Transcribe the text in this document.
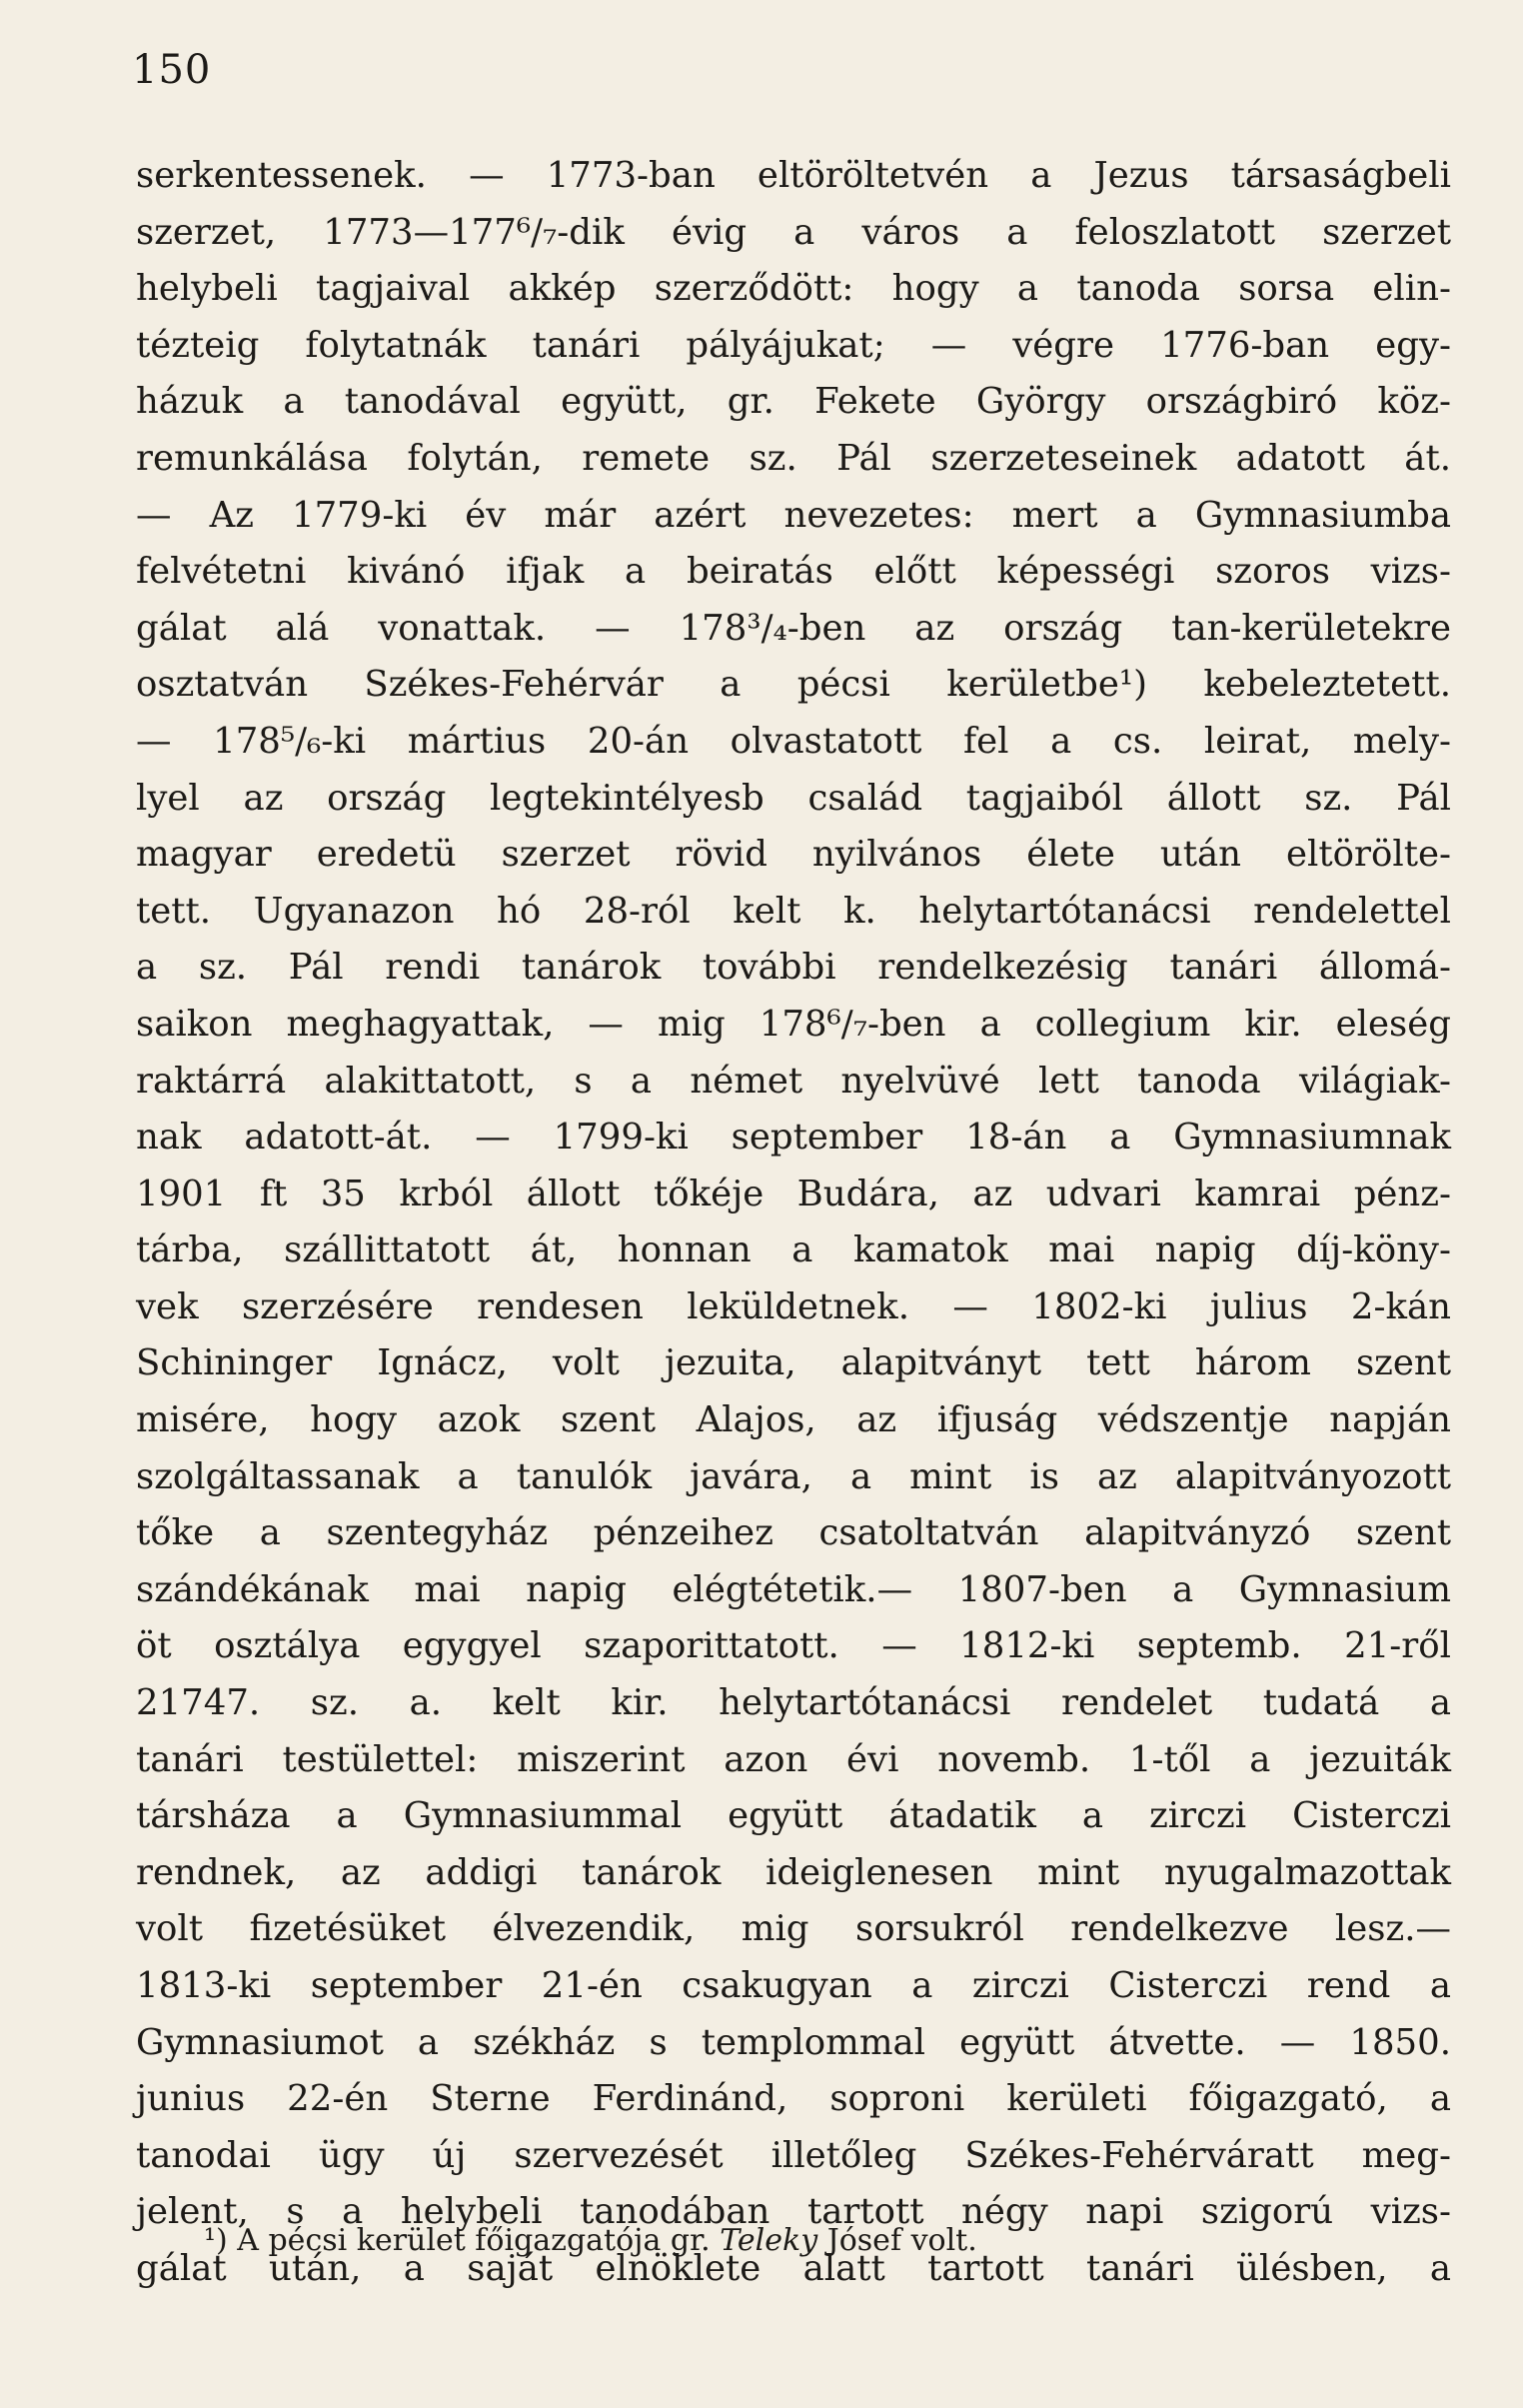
150
serkentessenek. — 1773-ban eltöröltetvén a Jezus társaságbeli
szerzet, 1773—177⁶/₇-dik évig a város a feloszlatott szerzet
helybeli tagjaival akkép szerződött: hogy a tanoda sorsa elin-
tézteig folytatnák tanári pályájukat; — végre 1776-ban egy-
házuk a tanodával együtt, gr. Fekete György országbiró köz-
remunkálása folytán, remete sz. Pál szerzeteseinek adatott át.
— Az 1779-ki év már azért nevezetes: mert a Gymnasiumba
felvétetni kivánó ifjak a beiratás előtt képességi szoros vizs-
gálat alá vonattak. — 178³/₄-ben az ország tan-kerületekre
osztatván Székes-Fehérvár a pécsi kerületbe¹) kebeleztetett.
— 178⁵/₆-ki mártius 20-án olvastatott fel a cs. leirat, mely-
lyel az ország legtekintélyesb család tagjaiból állott sz. Pál
magyar eredetü szerzet rövid nyilvános élete után eltörölte-
tett. Ugyanazon hó 28-ról kelt k. helytartótanácsi rendelettel
a sz. Pál rendi tanárok további rendelkezésig tanári állomá-
saikon meghagyattak, — mig 178⁶/₇-ben a collegium kir. eleség
raktárrá alakittatott, s a német nyelvüvé lett tanoda világiak-
nak adatott-át. — 1799-ki september 18-án a Gymnasiumnak
1901 ft 35 krból állott tőkéje Budára, az udvari kamrai pénz-
tárba, szállittatott át, honnan a kamatok mai napig díj-köny-
vek szerzésére rendesen leküldetnek. — 1802-ki julius 2-kán
Schininger Ignácz, volt jezuita, alapitványt tett három szent
misére, hogy azok szent Alajos, az ifjuság védszentje napján
szolgáltassanak a tanulók javára, a mint is az alapitványozott
tőke a szentegyház pénzeihez csatoltatván alapitványzó szent
szándékának mai napig elégtétetik.— 1807-ben a Gymnasium
öt osztálya egygyel szaporittatott. — 1812-ki septemb. 21-ről
21747. sz. a. kelt kir. helytartótanácsi rendelet tudatá a
tanári testülettel: miszerint azon évi novemb. 1-től a jezuiták
társháza a Gymnasiummal együtt átadatik a zirczi Cisterczi
rendnek, az addigi tanárok ideiglenesen mint nyugalmazottak
volt fizetésüket élvezendik, mig sorsukról rendelkezve lesz.—
1813-ki september 21-én csakugyan a zirczi Cisterczi rend a
Gymnasiumot a székház s templommal együtt átvette. — 1850.
junius 22-én Sterne Ferdinánd, soproni kerületi főigazgató, a
tanodai ügy új szervezését illetőleg Székes-Fehérváratt meg-
jelent, s a helybeli tanodában tartott négy napi szigorú vizs-
gálat után, a saját elnöklete alatt tartott tanári ülésben, a
¹) A pécsi kerület főigazgatója gr. Teleky Jósef volt.
